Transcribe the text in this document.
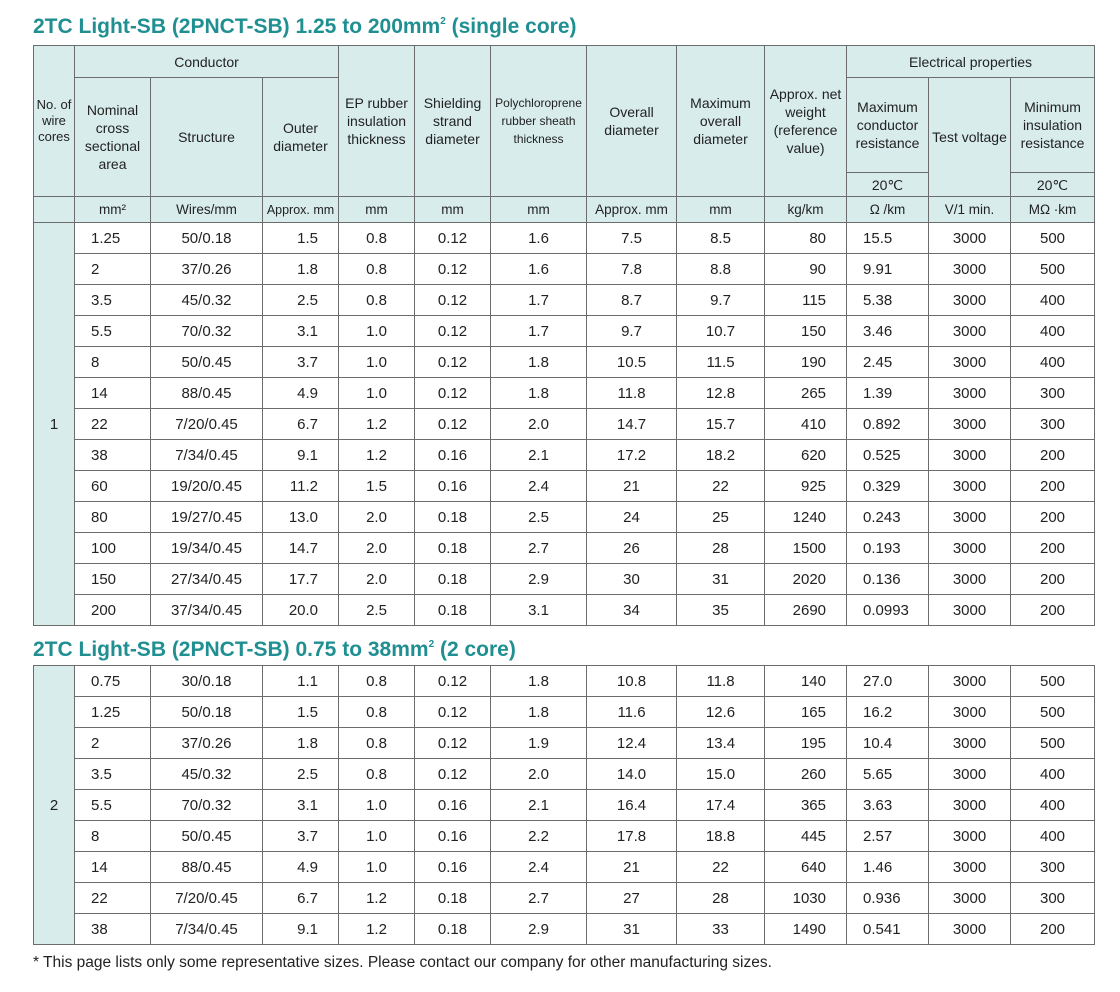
2TC Light-SB (2PNCT-SB) 1.25 to $200mm^2$ (single core)
No. of wire cores	Conductor			EP rubber insulation thickness	Shielding strand diameter	Polychloroprene rubber sheath thickness	Overall diameter	Maximum overall diameter	Approx. net weight (reference value)	Electrical properties		
	Nominal cross sectional area	Structure	Outer diameter							Maximum conductor resistance	Test voltage	Minimum insulation resistance
										20℃		20℃
	mm²	Wires/mm	Approx. mm	mm	mm	mm	Approx. mm	mm	kg/km	Ω /km	V/1 min.	MΩ ·km
1	1.25	50/0.18	1.5	0.8	0.12	1.6	7.5	8.5	80	15.5	3000	500
	2	37/0.26	1.8	0.8	0.12	1.6	7.8	8.8	90	9.91	3000	500
	3.5	45/0.32	2.5	0.8	0.12	1.7	8.7	9.7	115	5.38	3000	400
	5.5	70/0.32	3.1	1.0	0.12	1.7	9.7	10.7	150	3.46	3000	400
	8	50/0.45	3.7	1.0	0.12	1.8	10.5	11.5	190	2.45	3000	400
	14	88/0.45	4.9	1.0	0.12	1.8	11.8	12.8	265	1.39	3000	300
	22	7/20/0.45	6.7	1.2	0.12	2.0	14.7	15.7	410	0.892	3000	300
	38	7/34/0.45	9.1	1.2	0.16	2.1	17.2	18.2	620	0.525	3000	200
	60	19/20/0.45	11.2	1.5	0.16	2.4	21	22	925	0.329	3000	200
	80	19/27/0.45	13.0	2.0	0.18	2.5	24	25	1240	0.243	3000	200
	100	19/34/0.45	14.7	2.0	0.18	2.7	26	28	1500	0.193	3000	200
	150	27/34/0.45	17.7	2.0	0.18	2.9	30	31	2020	0.136	3000	200
	200	37/34/0.45	20.0	2.5	0.18	3.1	34	35	2690	0.0993	3000	200
2TC Light-SB (2PNCT-SB) 0.75 to $38mm^2$ (2 core)
2	0.75	30/0.18	1.1	0.8	0.12	1.8	10.8	11.8	140	27.0	3000	500
	1.25	50/0.18	1.5	0.8	0.12	1.8	11.6	12.6	165	16.2	3000	500
	2	37/0.26	1.8	0.8	0.12	1.9	12.4	13.4	195	10.4	3000	500
	3.5	45/0.32	2.5	0.8	0.12	2.0	14.0	15.0	260	5.65	3000	400
	5.5	70/0.32	3.1	1.0	0.16	2.1	16.4	17.4	365	3.63	3000	400
	8	50/0.45	3.7	1.0	0.16	2.2	17.8	18.8	445	2.57	3000	400
	14	88/0.45	4.9	1.0	0.16	2.4	21	22	640	1.46	3000	300
	22	7/20/0.45	6.7	1.2	0.18	2.7	27	28	1030	0.936	3000	300
	38	7/34/0.45	9.1	1.2	0.18	2.9	31	33	1490	0.541	3000	200
* This page lists only some representative sizes. Please contact our company for other manufacturing sizes.
